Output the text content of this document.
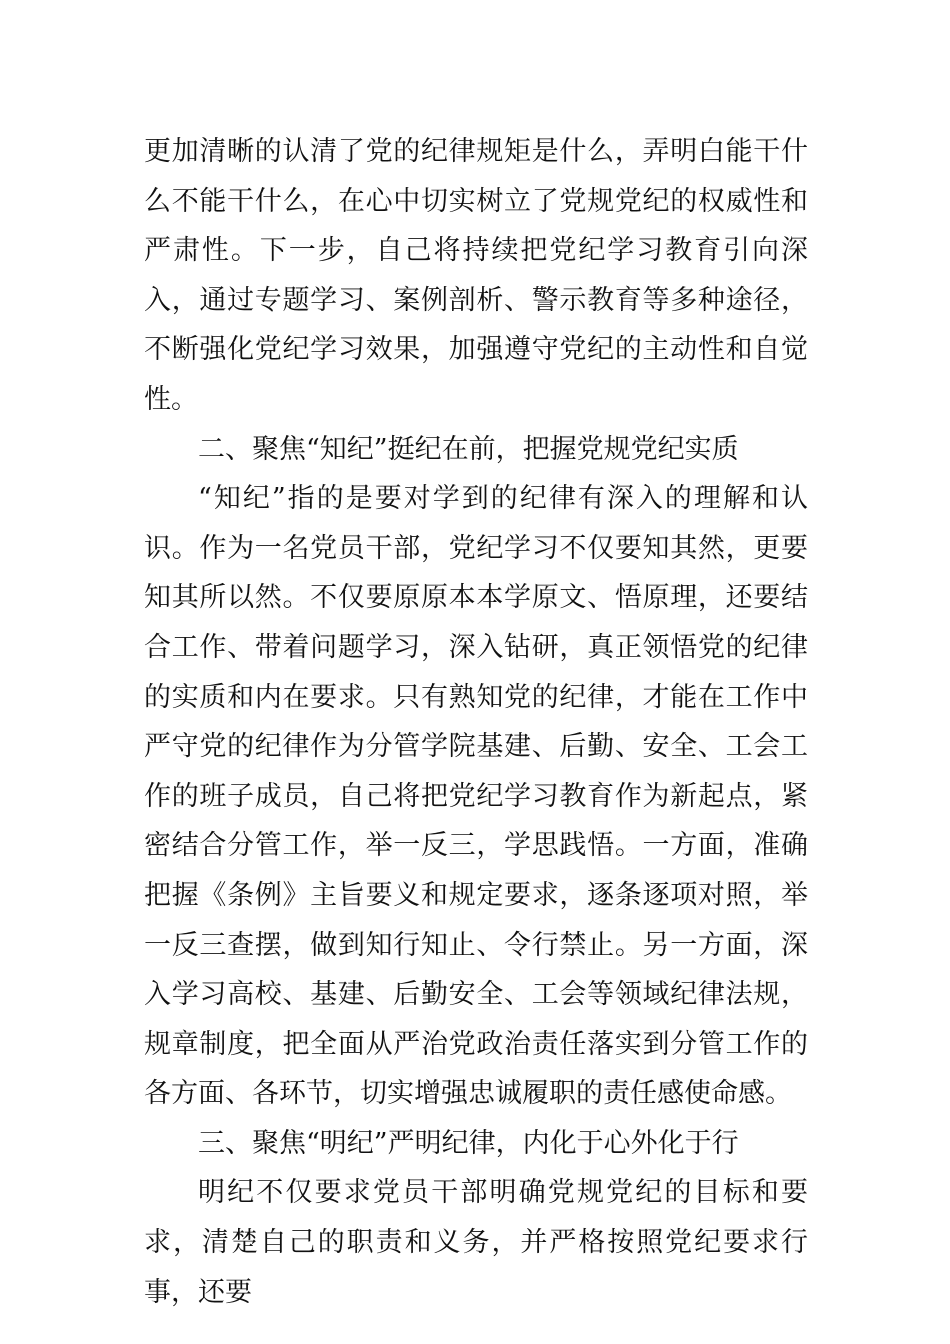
更加清晰的认清了党的纪律规矩是什么，弄明白能干什么不能干什么，在心中切实树立了党规党纪的权威性和严肃性。下一步，自己将持续把党纪学习教育引向深入，通过专题学习、案例剖析、警示教育等多种途径，不断强化党纪学习效果，加强遵守党纪的主动性和自觉性。

二、聚焦“知纪”挺纪在前，把握党规党纪实质

“知纪”指的是要对学到的纪律有深入的理解和认识。作为一名党员干部，党纪学习不仅要知其然，更要知其所以然。不仅要原原本本学原文、悟原理，还要结合工作、带着问题学习，深入钻研，真正领悟党的纪律的实质和内在要求。只有熟知党的纪律，才能在工作中严守党的纪律作为分管学院基建、后勤、安全、工会工作的班子成员，自己将把党纪学习教育作为新起点，紧密结合分管工作，举一反三，学思践悟。一方面，准确把握《条例》主旨要义和规定要求，逐条逐项对照，举一反三查摆，做到知行知止、令行禁止。另一方面，深入学习高校、基建、后勤安全、工会等领域纪律法规，规章制度，把全面从严治党政治责任落实到分管工作的各方面、各环节，切实增强忠诚履职的责任感使命感。

三、聚焦“明纪”严明纪律，内化于心外化于行

明纪不仅要求党员干部明确党规党纪的目标和要求，清楚自己的职责和义务，并严格按照党纪要求行事，还要
